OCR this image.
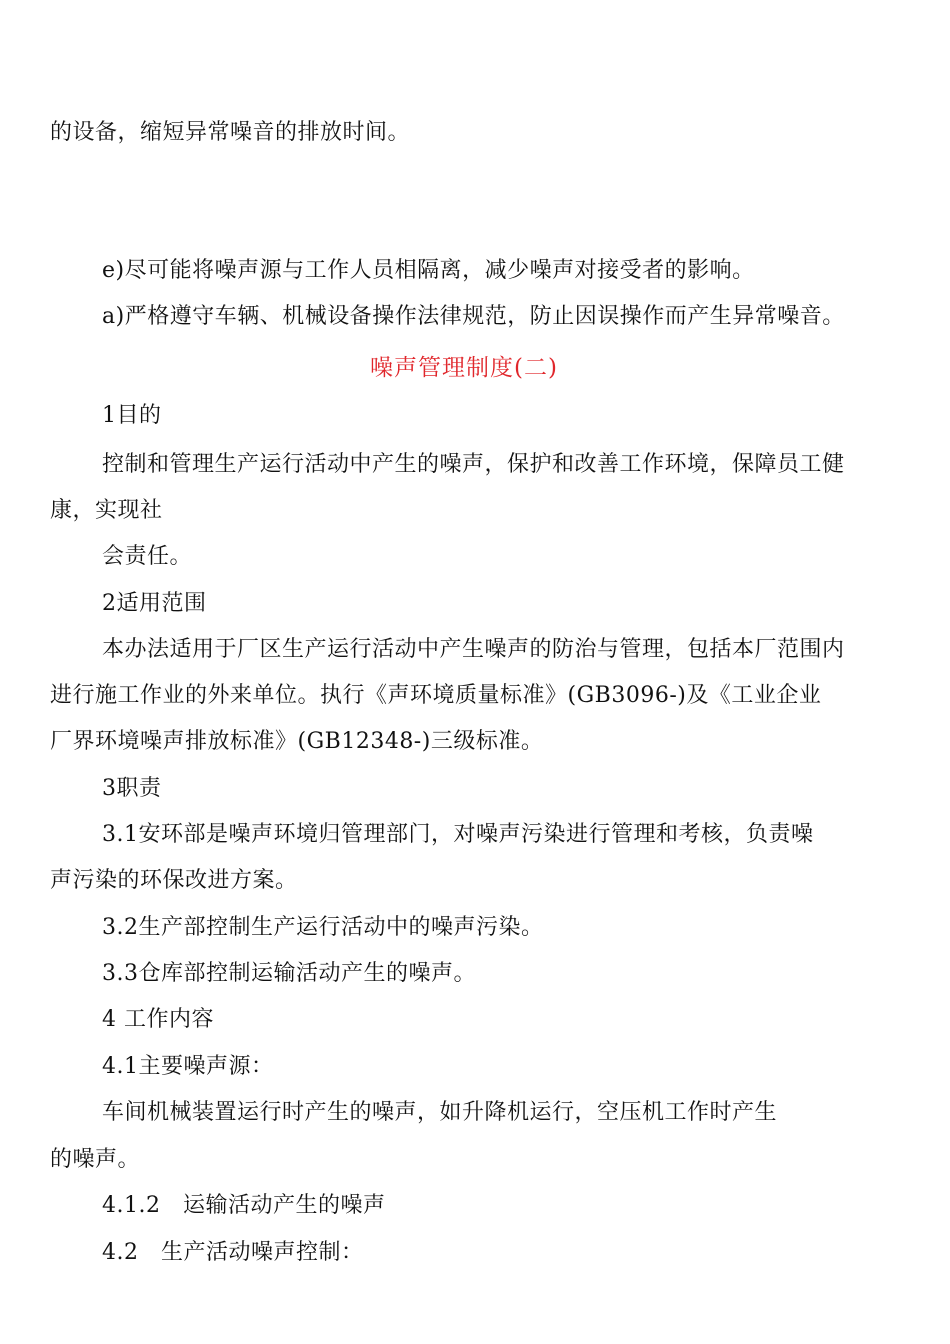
的设备，缩短异常噪音的排放时间。
e)尽可能将噪声源与工作人员相隔离，减少噪声对接受者的影响。
a)严格遵守车辆、机械设备操作法律规范，防止因误操作而产生异常噪音。
噪声管理制度(二)
1目的
控制和管理生产运行活动中产生的噪声，保护和改善工作环境，保障员工健
康，实现社
会责任。
2适用范围
本办法适用于厂区生产运行活动中产生噪声的防治与管理，包括本厂范围内
进行施工作业的外来单位。执行《声环境质量标准》(GB3096-)及《工业企业
厂界环境噪声排放标准》(GB12348-)三级标准。
3职责
3.1安环部是噪声环境归管理部门，对噪声污染进行管理和考核，负责噪
声污染的环保改进方案。
3.2生产部控制生产运行活动中的噪声污染。
3.3仓库部控制运输活动产生的噪声。
4 工作内容
4.1主要噪声源：
车间机械装置运行时产生的噪声，如升降机运行，空压机工作时产生
的噪声。
4.1.2　运输活动产生的噪声
4.2　生产活动噪声控制：
